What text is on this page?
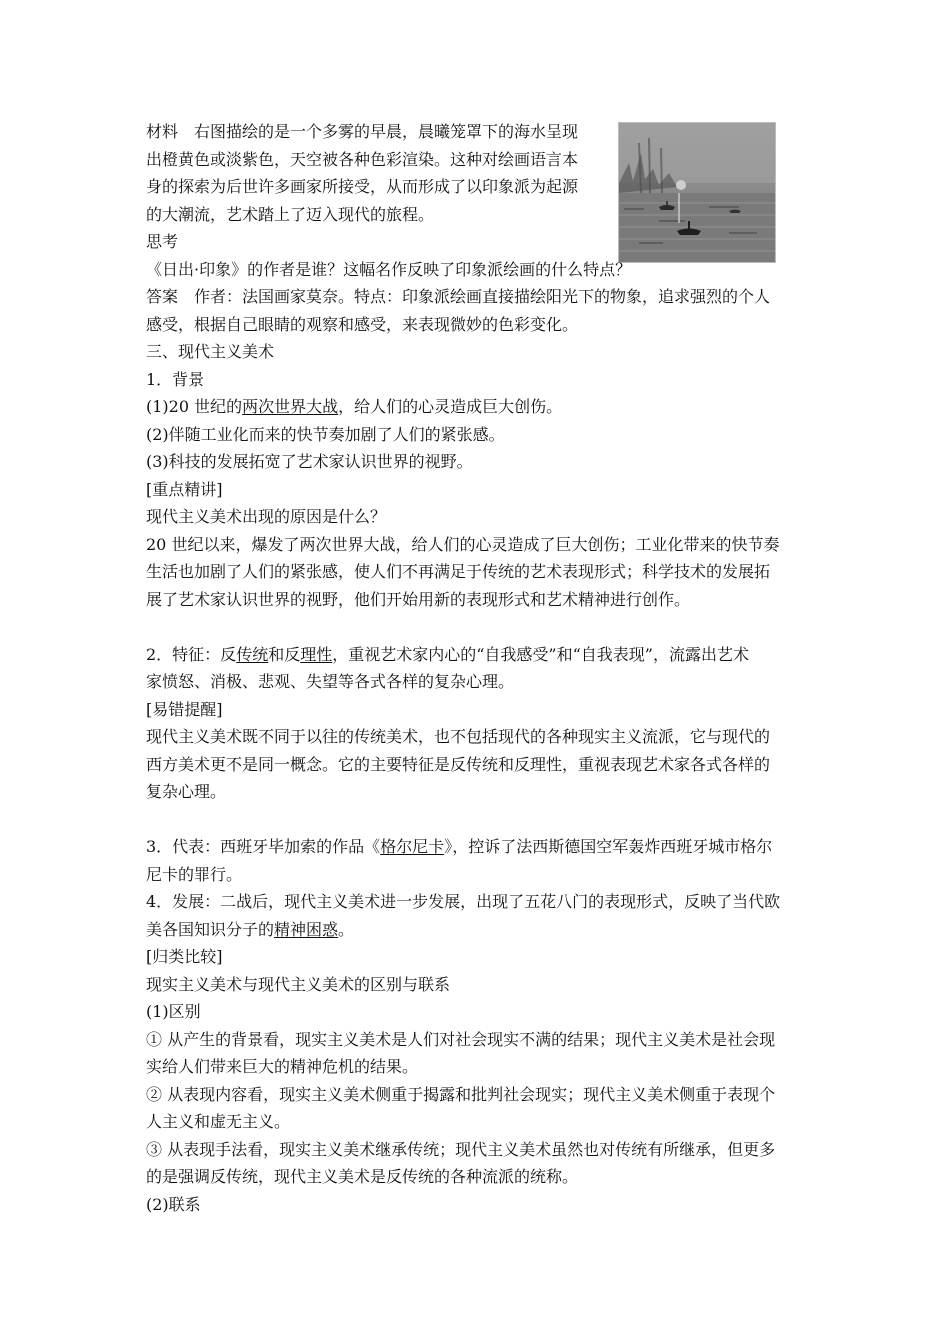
材料 右图描绘的是一个多雾的早晨，晨曦笼罩下的海水呈现

出橙黄色或淡紫色，天空被各种色彩渲染。这种对绘画语言本

身的探索为后世许多画家所接受，从而形成了以印象派为起源

的大潮流，艺术踏上了迈入现代的旅程。

思考

《日出·印象》的作者是谁？这幅名作反映了印象派绘画的什么特点？

答案 作者：法国画家莫奈。特点：印象派绘画直接描绘阳光下的物象，追求强烈的个人

感受，根据自己眼睛的观察和感受，来表现微妙的色彩变化。

三、现代主义美术

1．背景

(1)20 世纪的两次世界大战，给人们的心灵造成巨大创伤。

(2)伴随工业化而来的快节奏加剧了人们的紧张感。

(3)科技的发展拓宽了艺术家认识世界的视野。

[重点精讲]

现代主义美术出现的原因是什么？

20 世纪以来，爆发了两次世界大战，给人们的心灵造成了巨大创伤；工业化带来的快节奏

生活也加剧了人们的紧张感，使人们不再满足于传统的艺术表现形式；科学技术的发展拓

展了艺术家认识世界的视野，他们开始用新的表现形式和艺术精神进行创作。

2．特征：反传统和反理性，重视艺术家内心的“自我感受”和“自我表现”，流露出艺术

家愤怒、消极、悲观、失望等各式各样的复杂心理。

[易错提醒]

现代主义美术既不同于以往的传统美术，也不包括现代的各种现实主义流派，它与现代的

西方美术更不是同一概念。它的主要特征是反传统和反理性，重视表现艺术家各式各样的

复杂心理。

3．代表：西班牙毕加索的作品《格尔尼卡》，控诉了法西斯德国空军轰炸西班牙城市格尔

尼卡的罪行。

4．发展：二战后，现代主义美术进一步发展，出现了五花八门的表现形式，反映了当代欧

美各国知识分子的精神困惑。

[归类比较]

现实主义美术与现代主义美术的区别与联系

(1)区别

① 从产生的背景看，现实主义美术是人们对社会现实不满的结果；现代主义美术是社会现

实给人们带来巨大的精神危机的结果。

② 从表现内容看，现实主义美术侧重于揭露和批判社会现实；现代主义美术侧重于表现个

人主义和虚无主义。

③ 从表现手法看，现实主义美术继承传统；现代主义美术虽然也对传统有所继承，但更多

的是强调反传统，现代主义美术是反传统的各种流派的统称。

(2)联系
